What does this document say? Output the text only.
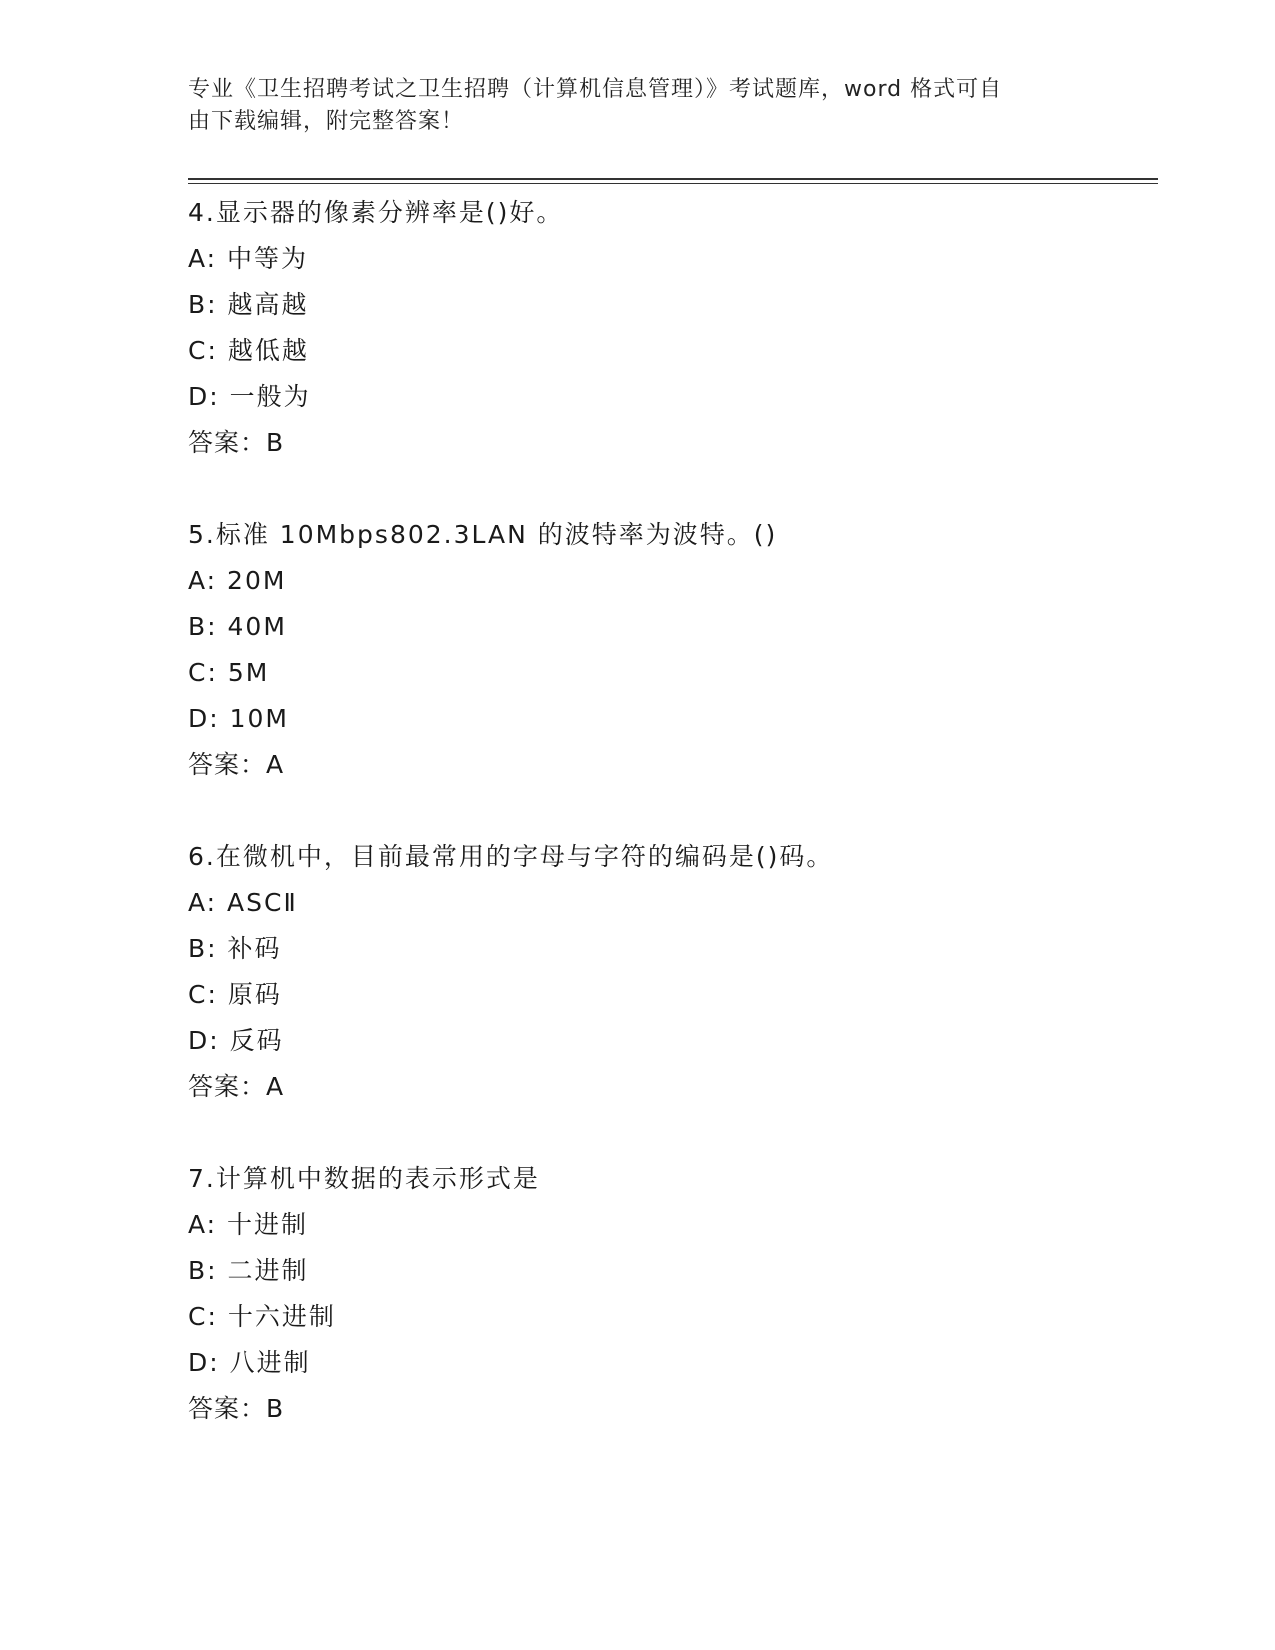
专业《卫生招聘考试之卫生招聘（计算机信息管理）》考试题库，word 格式可自
由下载编辑，附完整答案！
4.显示器的像素分辨率是()好。
A: 中等为
B: 越高越
C: 越低越
D: 一般为
答案：B
5.标准 10Mbps802.3LAN 的波特率为波特。()
A: 20M
B: 40M
C: 5M
D: 10M
答案：A
6.在微机中，目前最常用的字母与字符的编码是()码。
A: ASCⅡ
B: 补码
C: 原码
D: 反码
答案：A
7.计算机中数据的表示形式是
A: 十进制
B: 二进制
C: 十六进制
D: 八进制
答案：B
